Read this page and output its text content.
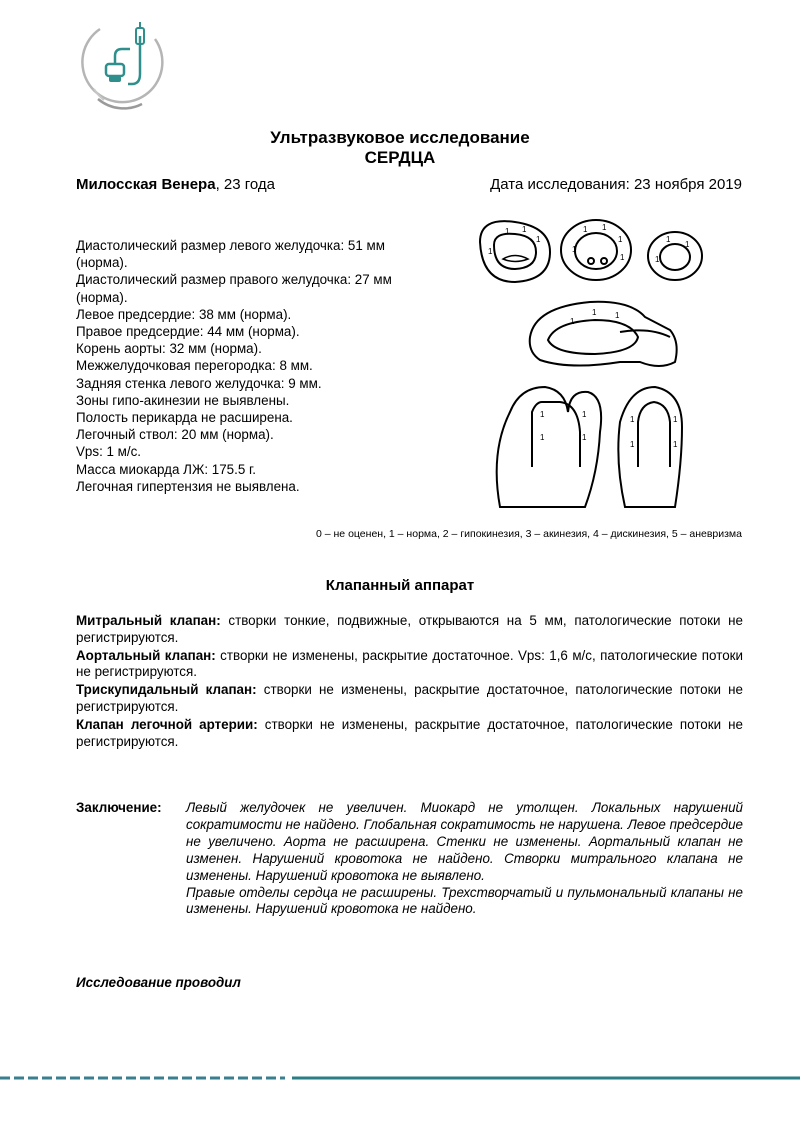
Ультразвуковое исследование
СЕРДЦА
Милосская Венера, 23 года	Дата исследования: 23 ноября 2019
Диастолический размер левого желудочка: 51 мм (норма).
Диастолический размер правого желудочка: 27 мм (норма).
Левое предсердие: 38 мм (норма).
Правое предсердие: 44 мм (норма).
Корень аорты: 32 мм (норма).
Межжелудочковая перегородка: 8 мм.
Задняя стенка левого желудочка: 9 мм.
Зоны гипо-акинезии не выявлены.
Полость перикарда не расширена.
Легочный ствол: 20 мм (норма).
Vps: 1 м/с.
Масса миокарда ЛЖ: 175.5 г.
Легочная гипертензия не выявлена.
1 1
1
1
1 1
1
1
1
1
1
1
1
1 1
1
1
1
1
1
1
1
1
0 – не оценен, 1 – норма, 2 – гипокинезия, 3 – акинезия, 4 – дискинезия, 5 – аневризма
Клапанный аппарат

Митральный клапан: створки тонкие, подвижные, открываются на 5 мм, патологические потоки не регистрируются.

Аортальный клапан: створки не изменены, раскрытие достаточное. Vps: 1,6 м/с, патологические потоки не регистрируются.

Трискупидальный клапан: створки не изменены, раскрытие достаточное, патологические потоки не регистрируются.

Клапан легочной артерии: створки не изменены, раскрытие достаточное, патологические потоки не регистрируются.

Заключение: Левый желудочек не увеличен. Миокард не утолщен. Локальных нарушений сократимости не найдено. Глобальная сократимость не нарушена. Левое предсердие не увеличено. Аорта не расширена. Стенки не изменены. Аортальный клапан не изменен. Нарушений кровотока не найдено. Створки митрального клапана не изменены. Нарушений кровотока не выявлено.

Правые отделы сердца не расширены. Трехстворчатый и пульмональный клапаны не изменены. Нарушений кровотока не найдено.

Исследование проводил
